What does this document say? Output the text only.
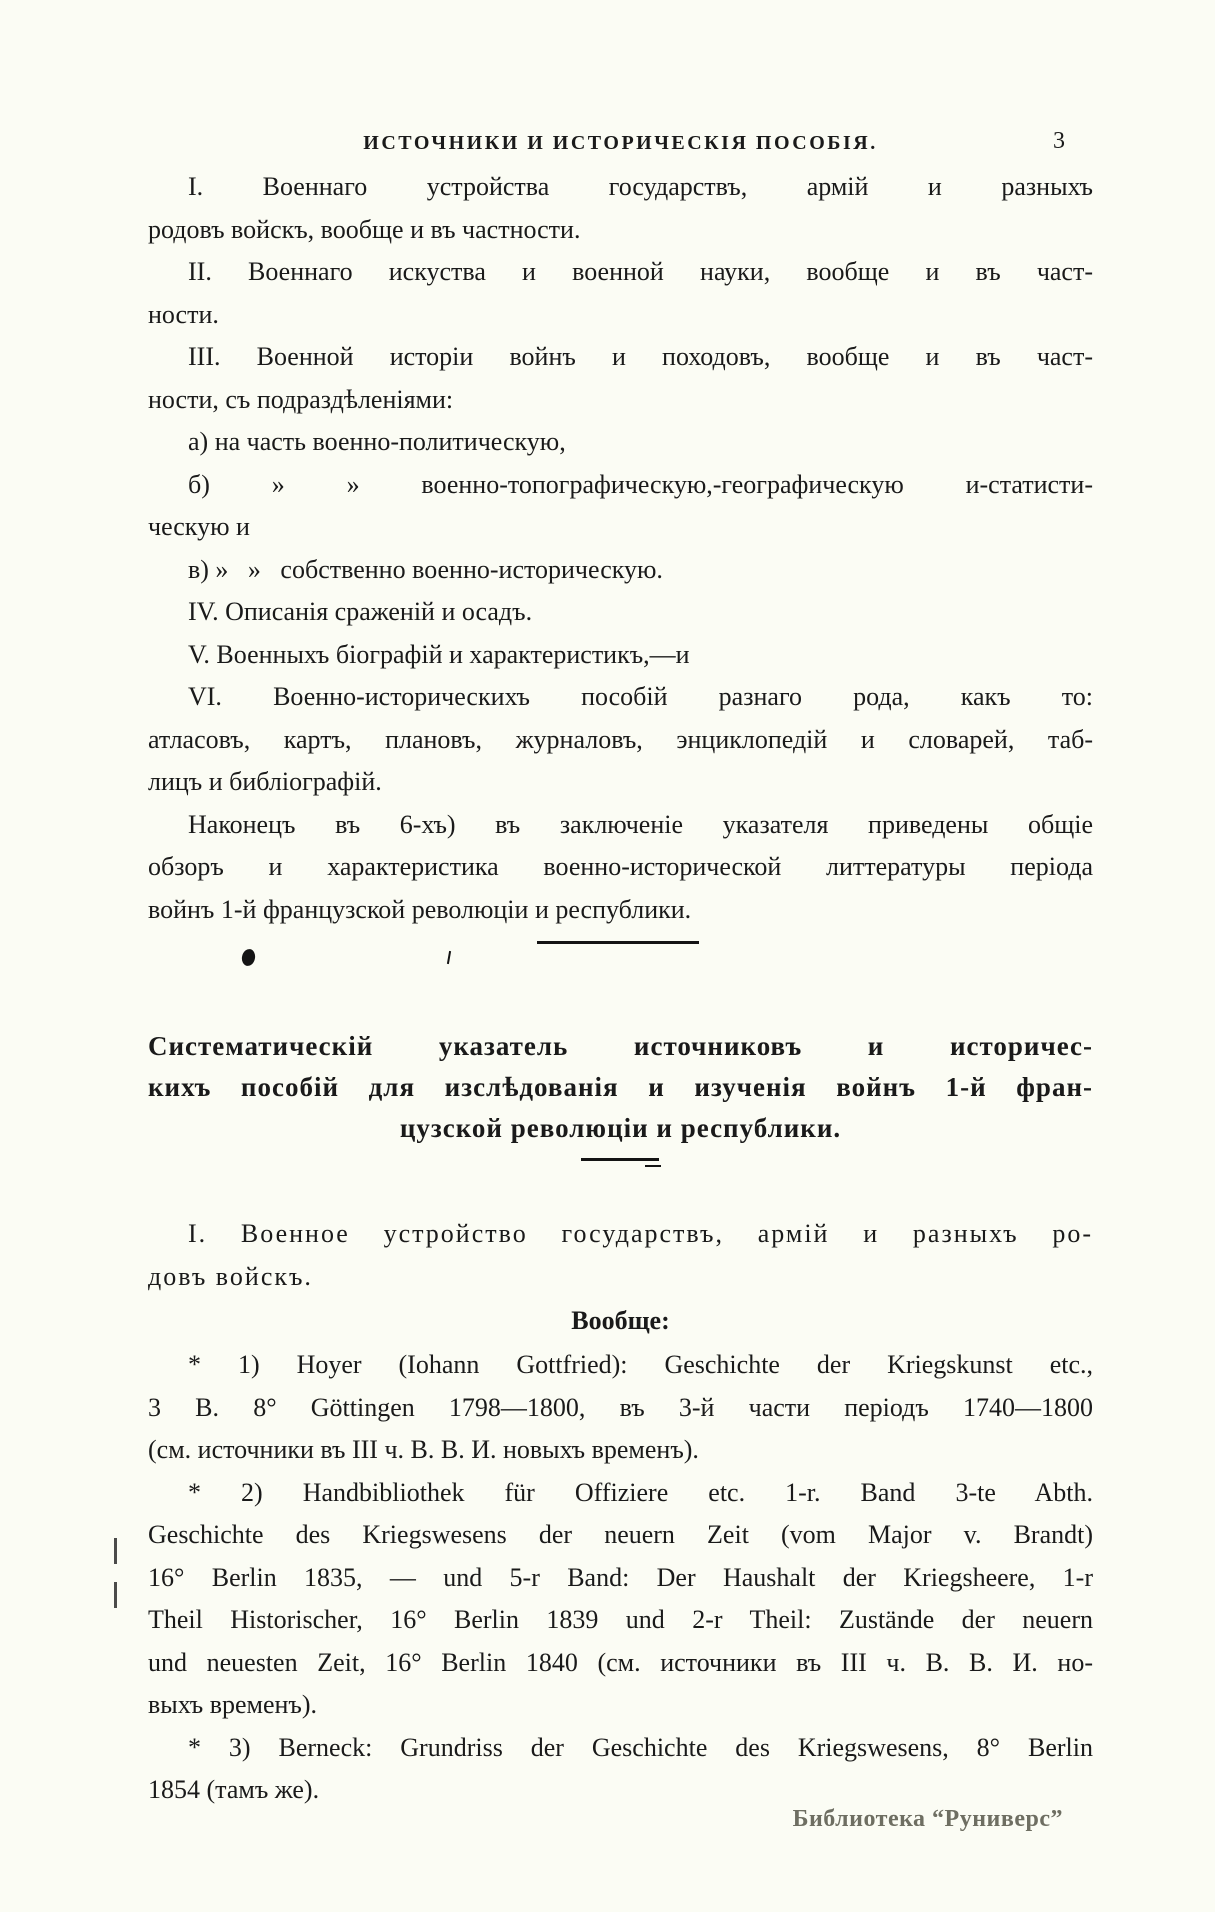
ИСТОЧНИКИ И ИСТОРИЧЕСКІЯ ПОСОБІЯ.	3
I. Военнаго устройства государствъ, армій и разныхъ
родовъ войскъ, вообще и въ частности.
II. Военнаго искуства и военной науки, вообще и въ част-
ности.
III. Военной исторіи войнъ и походовъ, вообще и въ част-
ности, съ подраздѣленіями:
а) на часть военно-политическую,
б) » » военно-топографическую,-географическую и-статисти-
ческую и
в) »   »   собственно военно-историческую.
IV. Описанія сраженій и осадъ.
V. Военныхъ біографій и характеристикъ,—и
VI. Военно-историческихъ пособій разнаго рода, какъ то:
атласовъ, картъ, плановъ, журналовъ, энциклопедій и словарей, таб-
лицъ и библіографій.
Наконецъ въ 6-хъ) въ заключеніе указателя приведены общіе
обзоръ и характеристика военно-исторической литтературы періода
войнъ 1-й французской революціи и республики.
Систематическій указатель источниковъ и историчес-
кихъ пособій для изслѣдованія и изученія войнъ 1-й фран-
цузской революціи и республики.
I. Военное устройство государствъ, армій и разныхъ ро-
довъ войскъ.
Вообще:
* 1) Hoyer (Iohann Gottfried): Geschichte der Kriegskunst etc.,
3 B. 8° Göttingen 1798—1800, въ 3-й части періодъ 1740—1800
(см. источники въ III ч. В. В. И. новыхъ временъ).
* 2) Handbibliothek für Offiziere etc. 1-r. Band 3-te Abth.
Geschichte des Kriegswesens der neuern Zeit (vom Major v. Brandt)
16° Berlin 1835, — und 5-r Band: Der Haushalt der Kriegsheere, 1-r
Theil Historischer, 16° Berlin 1839 und 2-r Theil: Zustände der neuern
und neuesten Zeit, 16° Berlin 1840 (см. источники въ III ч. В. В. И. но-
выхъ временъ).
* 3) Berneck: Grundriss der Geschichte des Kriegswesens, 8° Berlin
1854 (тамъ же).
Библиотека “Руниверс”
